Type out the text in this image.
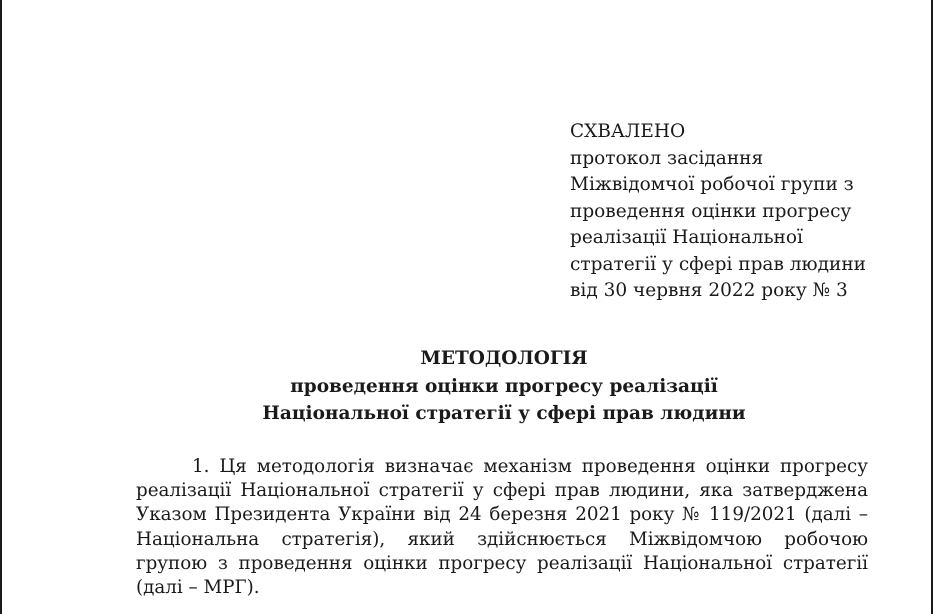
СХВАЛЕНО
протокол засідання
Міжвідомчої робочої групи з
проведення оцінки прогресу
реалізації Національної
стратегії у сфері прав людини
від 30 червня 2022 року № 3
МЕТОДОЛОГІЯ
проведення оцінки прогресу реалізації
Національної стратегії у сфері прав людини
1. Ця методологія визначає механізм проведення оцінки прогресу
реалізації Національної стратегії у сфері прав людини, яка затверджена
Указом Президента України від 24 березня 2021 року № 119/2021 (далі –
Національна стратегія), який здійснюється Міжвідомчою робочою
групою з проведення оцінки прогресу реалізації Національної стратегії
(далі – МРГ).
